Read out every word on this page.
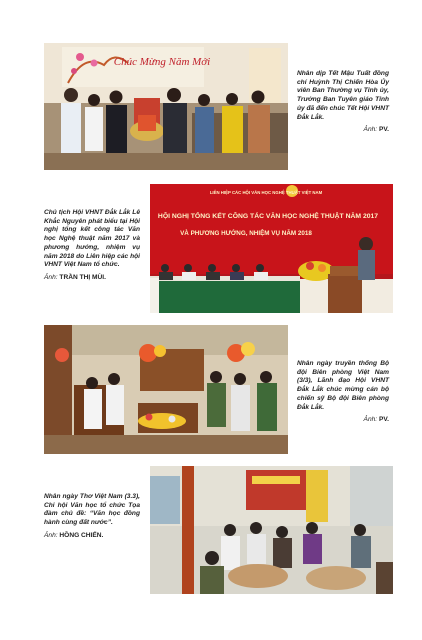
Chúc Mừng Năm Mới

Nhân dịp Tết Mậu Tuất đồng chí Huỳnh Thị Chiến Hòa Ủy viên Ban Thường vụ Tỉnh ủy, Trưởng Ban Tuyên giáo Tỉnh ủy đã đến chúc Tết Hội VHNT Đắk Lắk.

Ảnh: PV.

LIÊN HIỆP CÁC HỘI VĂN HỌC NGHỆ THUẬT VIỆT NAM
HỘI NGHỊ TỔNG KẾT CÔNG TÁC VĂN HỌC NGHỆ THUẬT NĂM 2017
VÀ PHƯƠNG HƯỚNG, NHIỆM VỤ NĂM 2018

Chủ tịch Hội VHNT Đắk Lắk Lê Khắc Nguyên phát biểu tại Hội nghị tổng kết công tác Văn học Nghệ thuật năm 2017 và phương hướng, nhiệm vụ năm 2018 do Liên hiệp các hội VHNT Việt Nam tổ chức.

Ảnh: TRẦN THỊ MÙI.

Nhân ngày truyền thống Bộ đội Biên phòng Việt Nam (3/3), Lãnh đạo Hội VHNT Đắk Lắk chúc mừng cán bộ chiến sỹ Bộ đội Biên phòng Đắk Lắk.

Ảnh: PV.

Nhân ngày Thơ Việt Nam (3.3), Chi hội Văn học tổ chức Tọa đàm chủ đề: “Văn học đồng hành cùng đất nước”.

Ảnh: HỒNG CHIẾN.
